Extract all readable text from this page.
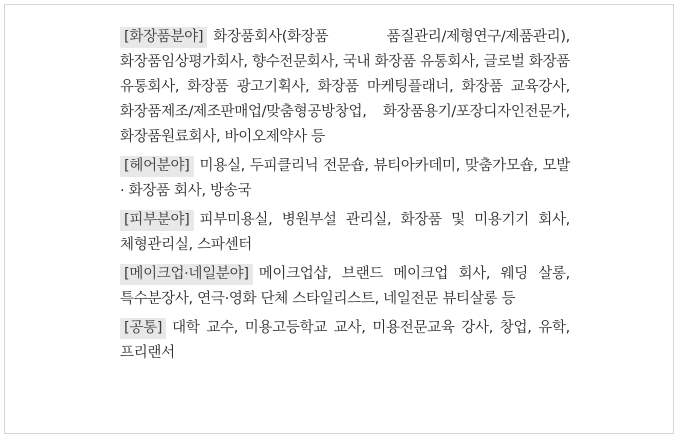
[화장품분야] 화장품회사(화장품 품질관리/제형연구/제품관리), 화장품임상평가회사, 향수전문회사, 국내 화장품 유통회사, 글로벌 화장품 유통회사, 화장품 광고기획사, 화장품 마케팅플래너, 화장품 교육강사, 화장품제조/제조판매업/맞춤형공방창업, 화장품용기/포장디자인전문가, 화장품원료회사, 바이오제약사 등

[헤어분야] 미용실, 두피클리닉 전문숍, 뷰티아카데미, 맞춤가모숍, 모발· 화장품 회사, 방송국

[피부분야] 피부미용실, 병원부설 관리실, 화장품 및 미용기기 회사, 체형관리실, 스파센터

[메이크업·네일분야] 메이크업샵, 브랜드 메이크업 회사, 웨딩 살롱, 특수분장사, 연극·영화 단체 스타일리스트, 네일전문 뷰티살롱 등

[공통] 대학 교수, 미용고등학교 교사, 미용전문교육 강사, 창업, 유학, 프리랜서
